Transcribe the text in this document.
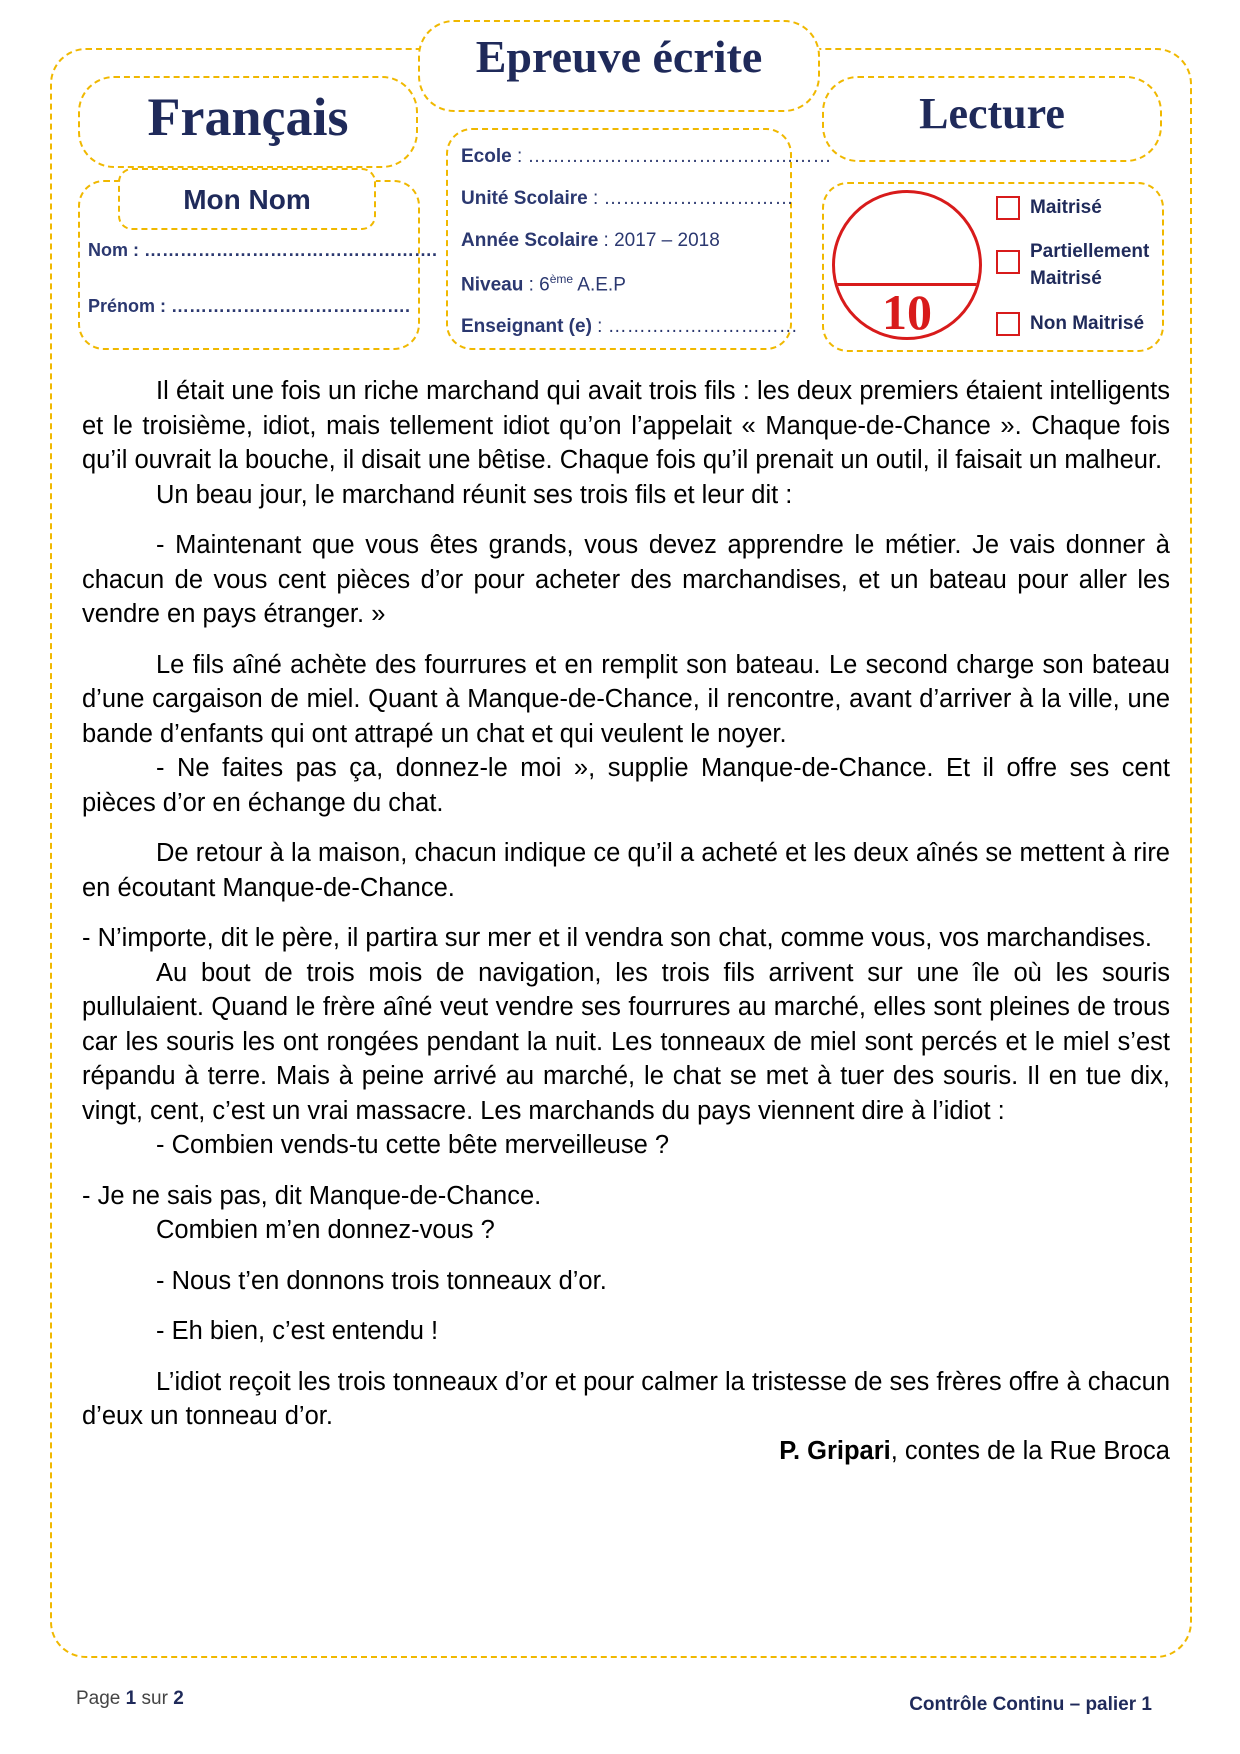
Français
Epreuve écrite
Lecture
Mon Nom
Nom : ………………………………………….
Prénom : ………………………………….
Ecole : …………………………………………
Unité Scolaire : …………………………
Année Scolaire : 2017 – 2018
Niveau : 6ème A.E.P
Enseignant (e) : …………………………	10
Maitrisé
Partiellement Maitrisé
Non Maitrisé

Il était une fois un riche marchand qui avait trois fils : les deux premiers étaient intelligents et le troisième, idiot, mais tellement idiot qu’on l’appelait « Manque-de-Chance ». Chaque fois qu’il ouvrait la bouche, il disait une bêtise. Chaque fois qu’il prenait un outil, il faisait un malheur.

Un beau jour, le marchand réunit ses trois fils et leur dit :

- Maintenant que vous êtes grands, vous devez apprendre le métier. Je vais donner à chacun de vous cent pièces d’or pour acheter des marchandises, et un bateau pour aller les vendre en pays étranger. »

Le fils aîné achète des fourrures et en remplit son bateau. Le second charge son bateau d’une cargaison de miel. Quant à Manque-de-Chance, il rencontre, avant d’arriver à la ville, une bande d’enfants qui ont attrapé un chat et qui veulent le noyer.

- Ne faites pas ça, donnez-le moi », supplie Manque-de-Chance. Et il offre ses cent pièces d’or en échange du chat.

De retour à la maison, chacun indique ce qu’il a acheté et les deux aînés se mettent à rire en écoutant Manque-de-Chance.

- N’importe, dit le père, il partira sur mer et il vendra son chat, comme vous, vos marchandises.

Au bout de trois mois de navigation, les trois fils arrivent sur une île où les souris pullulaient. Quand le frère aîné veut vendre ses fourrures au marché, elles sont pleines de trous car les souris les ont rongées pendant la nuit. Les tonneaux de miel sont percés et le miel s’est répandu à terre. Mais à peine arrivé au marché, le chat se met à tuer des souris. Il en tue dix, vingt, cent, c’est un vrai massacre. Les marchands du pays viennent dire à l’idiot :

- Combien vends-tu cette bête merveilleuse ?

- Je ne sais pas, dit Manque-de-Chance.

Combien m’en donnez-vous ?

- Nous t’en donnons trois tonneaux d’or.

- Eh bien, c’est entendu !

L’idiot reçoit les trois tonneaux d’or et pour calmer la tristesse de ses frères offre à chacun d’eux un tonneau d’or.

P. Gripari, contes de la Rue Broca

Page 1 sur 2	Contrôle Continu – palier 1
